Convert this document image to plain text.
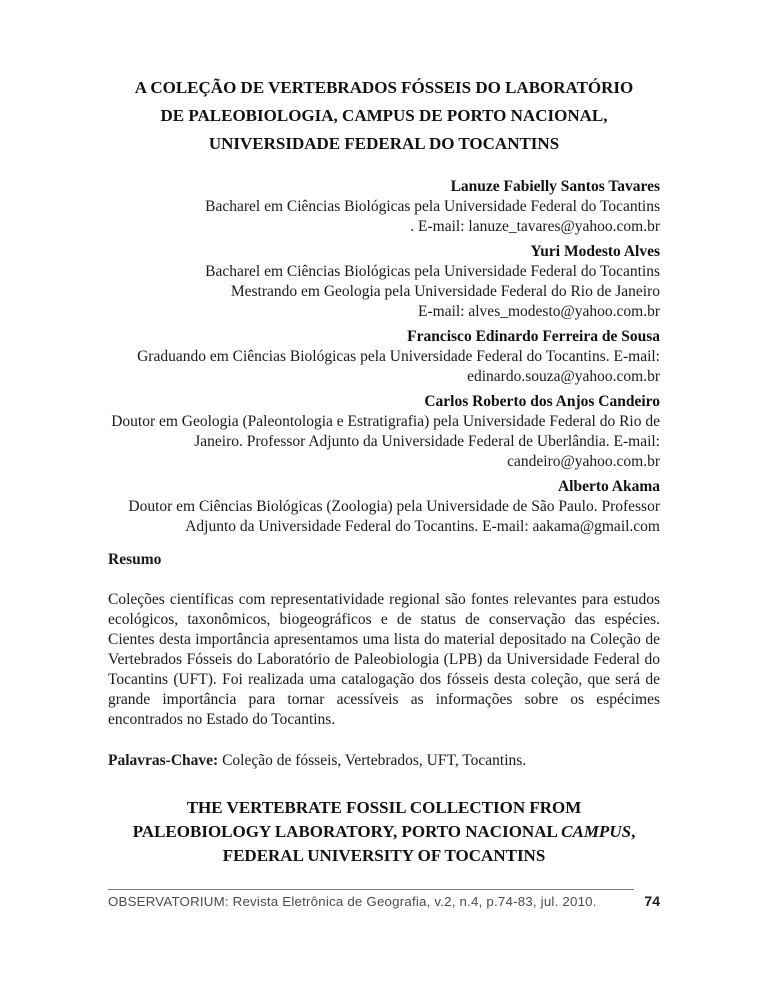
A COLEÇÃO DE VERTEBRADOS FÓSSEIS DO LABORATÓRIO
DE PALEOBIOLOGIA, CAMPUS DE PORTO NACIONAL,
UNIVERSIDADE FEDERAL DO TOCANTINS
Lanuze Fabielly Santos Tavares
Bacharel em Ciências Biológicas pela Universidade Federal do Tocantins
. E-mail: lanuze_tavares@yahoo.com.br
Yuri Modesto Alves
Bacharel em Ciências Biológicas pela Universidade Federal do Tocantins
Mestrando em Geologia pela Universidade Federal do Rio de Janeiro
E-mail: alves_modesto@yahoo.com.br
Francisco Edinardo Ferreira de Sousa
Graduando em Ciências Biológicas pela Universidade Federal do Tocantins. E-mail:
edinardo.souza@yahoo.com.br
Carlos Roberto dos Anjos Candeiro
Doutor em Geologia (Paleontologia e Estratigrafia) pela Universidade Federal do Rio de
Janeiro. Professor Adjunto da Universidade Federal de Uberlândia. E-mail:
candeiro@yahoo.com.br
Alberto Akama
Doutor em Ciências Biológicas (Zoologia) pela Universidade de São Paulo. Professor
Adjunto da Universidade Federal do Tocantins. E-mail: aakama@gmail.com
Resumo

Coleções científicas com representatividade regional são fontes relevantes para estudos ecológicos, taxonômicos, biogeográficos e de status de conservação das espécies. Cientes desta importância apresentamos uma lista do material depositado na Coleção de Vertebrados Fósseis do Laboratório de Paleobiologia (LPB) da Universidade Federal do Tocantins (UFT). Foi realizada uma catalogação dos fósseis desta coleção, que será de grande importância para tornar acessíveis as informações sobre os espécimes encontrados no Estado do Tocantins.

Palavras-Chave: Coleção de fósseis, Vertebrados, UFT, Tocantins.
THE VERTEBRATE FOSSIL COLLECTION FROM
PALEOBIOLOGY LABORATORY, PORTO NACIONAL CAMPUS,
FEDERAL UNIVERSITY OF TOCANTINS
OBSERVATORIUM: Revista Eletrônica de Geografia, v.2, n.4, p.74-83, jul. 2010.	74
